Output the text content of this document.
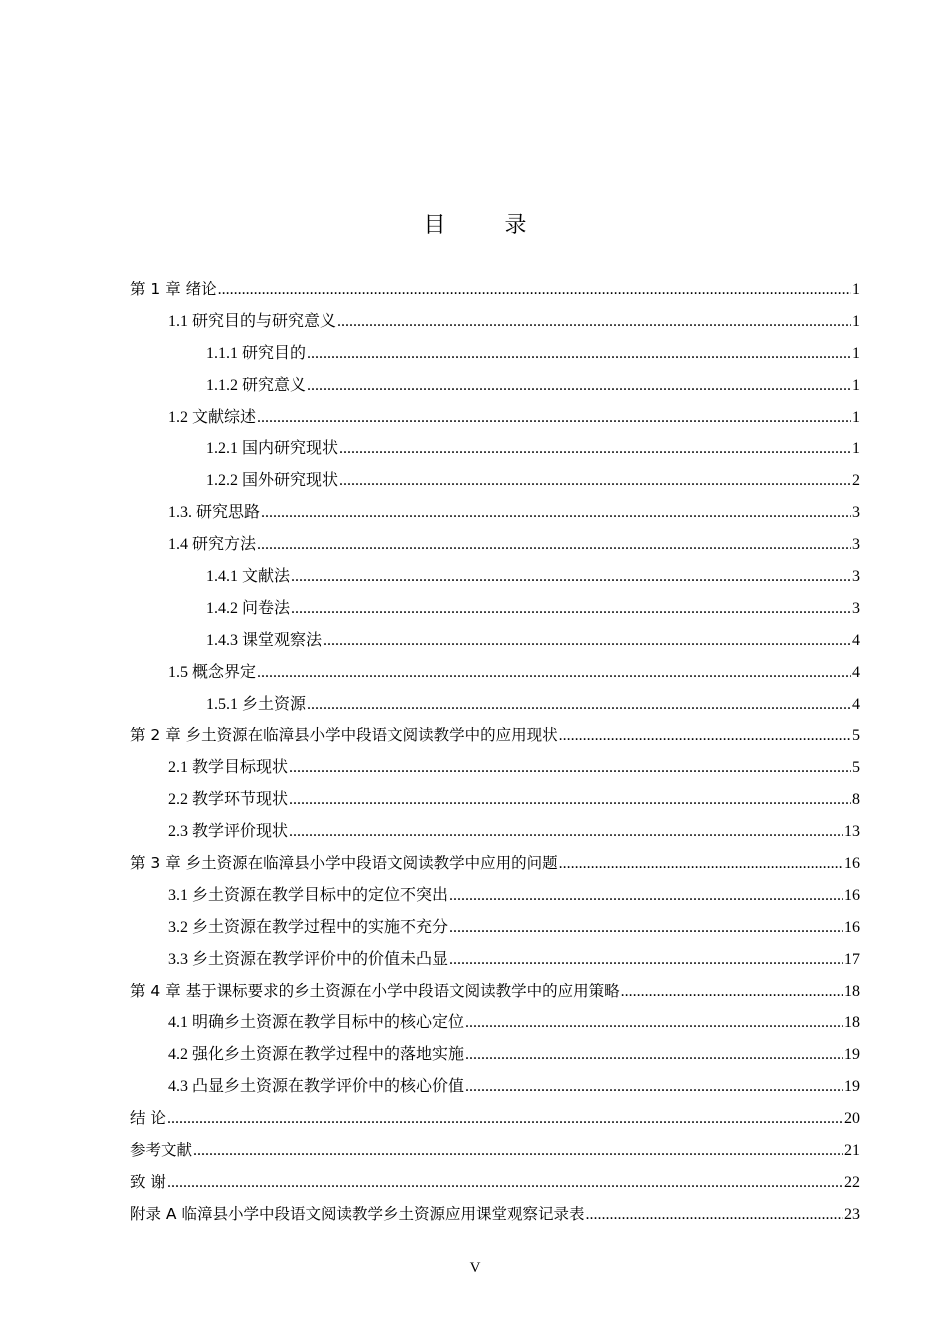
目 录
第 1 章 绪论 .....	1
1.1 研究目的与研究意义 .....	1
1.1.1 研究目的 .....	1
1.1.2 研究意义 .....	1
1.2 文献综述 .....	1
1.2.1 国内研究现状 .....	1
1.2.2 国外研究现状 .....	2
1.3. 研究思路 .....	3
1.4 研究方法 .....	3
1.4.1 文献法 .....	3
1.4.2 问卷法 .....	3
1.4.3 课堂观察法 .....	4
1.5 概念界定 .....	4
1.5.1 乡土资源 .....	4
第 2 章 乡土资源在临漳县小学中段语文阅读教学中的应用现状 .....	5
2.1 教学目标现状 .....	5
2.2 教学环节现状 .....	8
2.3 教学评价现状 .....	13
第 3 章 乡土资源在临漳县小学中段语文阅读教学中应用的问题 .....	16
3.1 乡土资源在教学目标中的定位不突出 .....	16
3.2 乡土资源在教学过程中的实施不充分 .....	16
3.3 乡土资源在教学评价中的价值未凸显 .....	17
第 4 章 基于课标要求的乡土资源在小学中段语文阅读教学中的应用策略 .....	18
4.1 明确乡土资源在教学目标中的核心定位 .....	18
4.2 强化乡土资源在教学过程中的落地实施 .....	19
4.3 凸显乡土资源在教学评价中的核心价值 .....	19
结 论 .....	20
参考文献 .....	21
致 谢 .....	22
附录 A 临漳县小学中段语文阅读教学乡土资源应用课堂观察记录表 .....	23
V
